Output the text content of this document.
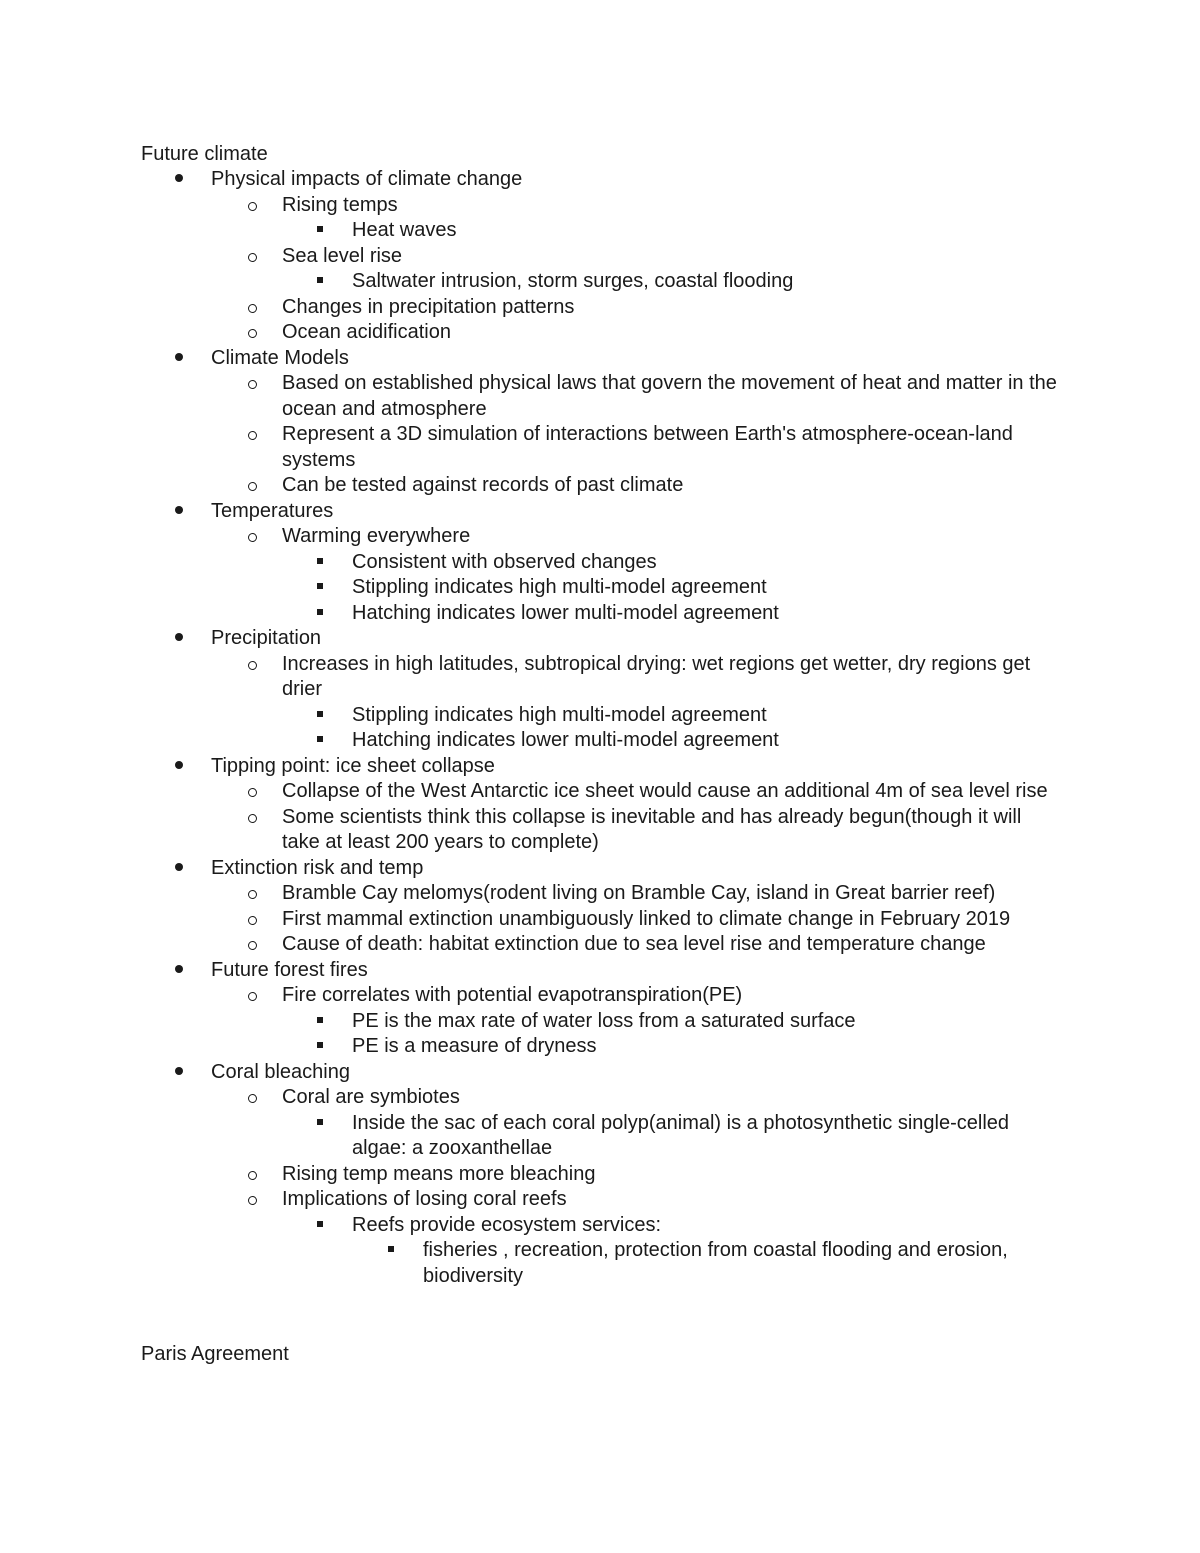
Future climate
Physical impacts of climate change
Rising temps
Heat waves
Sea level rise
Saltwater intrusion, storm surges, coastal flooding
Changes in precipitation patterns
Ocean acidification
Climate Models
Based on established physical laws that govern the movement of heat and matter in the ocean and atmosphere
Represent a 3D simulation of interactions between Earth's atmosphere-ocean-land systems
Can be tested against records of past climate
Temperatures
Warming everywhere
Consistent with observed changes
Stippling indicates high multi-model agreement
Hatching indicates lower multi-model agreement
Precipitation
Increases in high latitudes, subtropical drying: wet regions get wetter, dry regions get drier
Stippling indicates high multi-model agreement
Hatching indicates lower multi-model agreement
Tipping point: ice sheet collapse
Collapse of the West Antarctic ice sheet would cause an additional 4m of sea level rise
Some scientists think this collapse is inevitable and has already begun(though it will take at least 200 years to complete)
Extinction risk and temp
Bramble Cay melomys(rodent living on Bramble Cay, island in Great barrier reef)
First mammal extinction unambiguously linked to climate change in February 2019
Cause of death: habitat extinction due to sea level rise and temperature change
Future forest fires
Fire correlates with potential evapotranspiration(PE)
PE is the max rate of water loss from a saturated surface
PE is a measure of dryness
Coral bleaching
Coral are symbiotes
Inside the sac of each coral polyp(animal) is a photosynthetic single-celled algae: a zooxanthellae
Rising temp means more bleaching
Implications of losing coral reefs
Reefs provide ecosystem services:
fisheries , recreation, protection from coastal flooding and erosion, biodiversity
Paris Agreement
